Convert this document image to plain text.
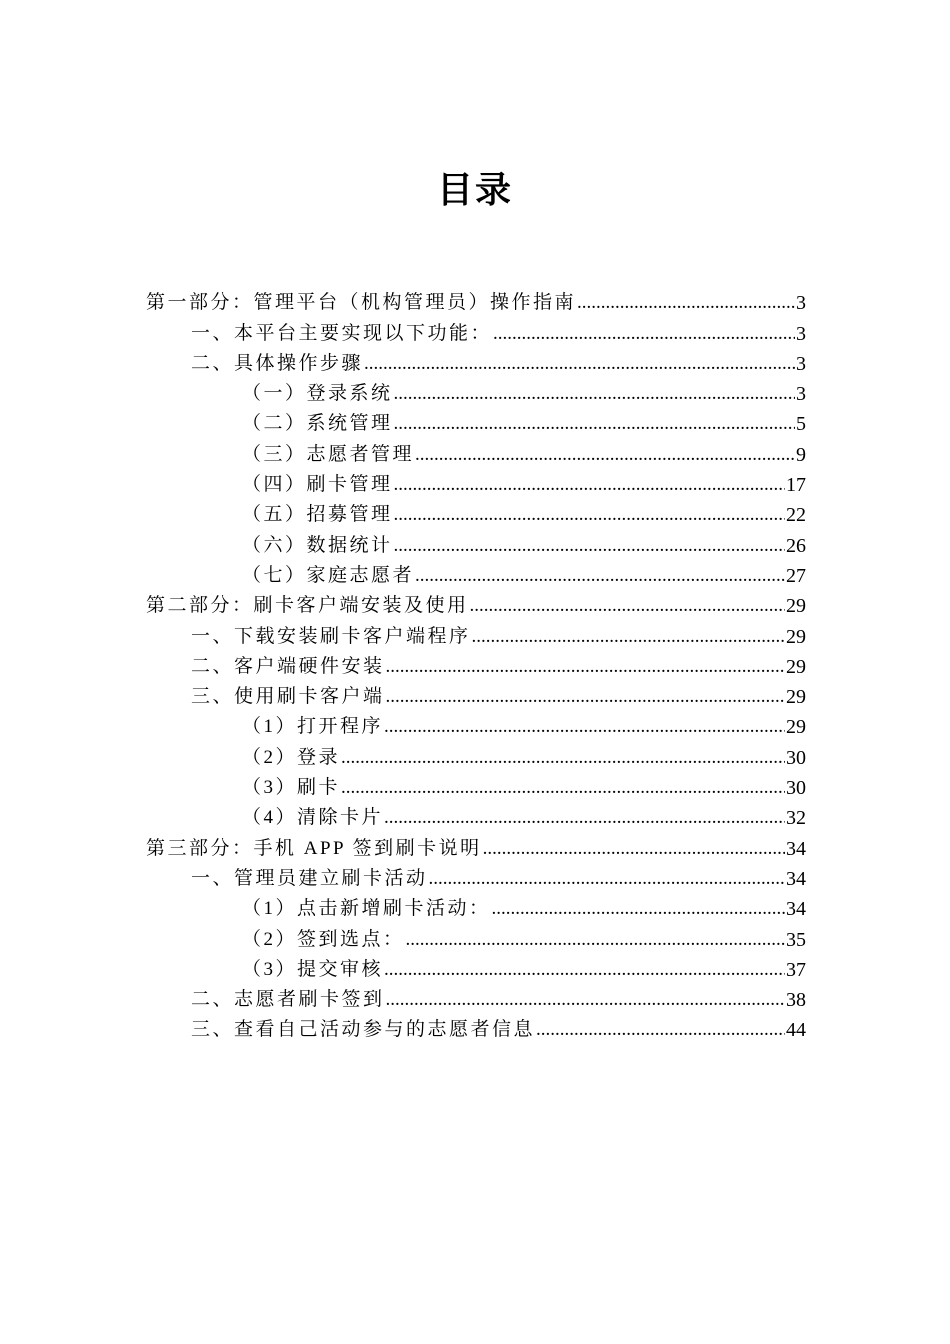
目录
第一部分：管理平台（机构管理员）操作指南 .....	3
一、本平台主要实现以下功能： .....	3
二、具体操作步骤 .....	3
（一）登录系统 .....	3
（二）系统管理 .....	5
（三）志愿者管理 .....	9
（四）刷卡管理 .....	17
（五）招募管理 .....	22
（六）数据统计 .....	26
（七）家庭志愿者 .....	27
第二部分：刷卡客户端安装及使用 .....	29
一、下载安装刷卡客户端程序 .....	29
二、客户端硬件安装 .....	29
三、使用刷卡客户端 .....	29
（1）打开程序 .....	29
（2）登录 .....	30
（3）刷卡 .....	30
（4）清除卡片 .....	32
第三部分：手机 APP 签到刷卡说明 .....	34
一、管理员建立刷卡活动 .....	34
（1）点击新增刷卡活动： .....	34
（2）签到选点： .....	35
（3）提交审核 .....	37
二、志愿者刷卡签到 .....	38
三、查看自己活动参与的志愿者信息 .....	44
